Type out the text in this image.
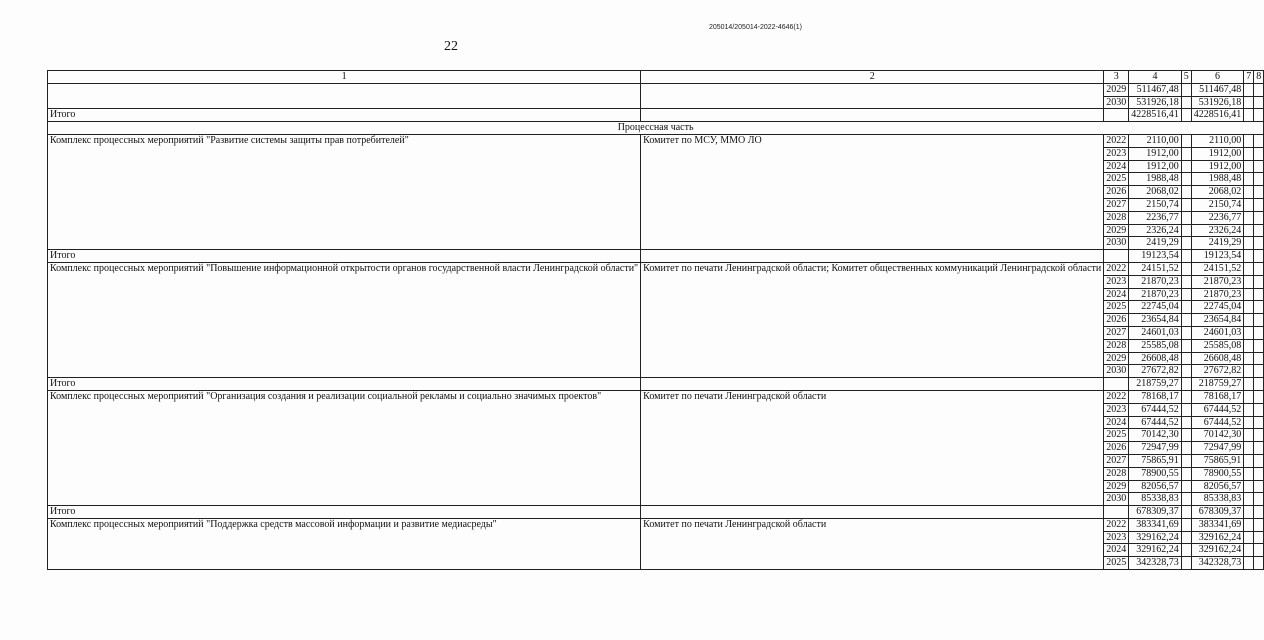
205014/205014-2022-4646(1)
22
1	2	3	4	5	6	7	8
		2029	511467,48		511467,48		
		2030	531926,18		531926,18		
Итого			4228516,41		4228516,41		
Процессная часть							
Комплекс процессных мероприятий "Развитие системы защиты прав потребителей"	Комитет по МСУ, ММО ЛО	2022	2110,00		2110,00		
		2023	1912,00		1912,00		
		2024	1912,00		1912,00		
		2025	1988,48		1988,48		
		2026	2068,02		2068,02		
		2027	2150,74		2150,74		
		2028	2236,77		2236,77		
		2029	2326,24		2326,24		
		2030	2419,29		2419,29		
Итого			19123,54		19123,54		
Комплекс процессных мероприятий "Повышение информационной открытости органов государственной власти Ленинградской области"	Комитет по печати Ленинградской области; Комитет общественных коммуникаций Ленинградской области	2022	24151,52		24151,52		
		2023	21870,23		21870,23		
		2024	21870,23		21870,23		
		2025	22745,04		22745,04		
		2026	23654,84		23654,84		
		2027	24601,03		24601,03		
		2028	25585,08		25585,08		
		2029	26608,48		26608,48		
		2030	27672,82		27672,82		
Итого			218759,27		218759,27		
Комплекс процессных мероприятий "Организация создания и реализации социальной рекламы и социально значимых проектов"	Комитет по печати Ленинградской области	2022	78168,17		78168,17		
		2023	67444,52		67444,52		
		2024	67444,52		67444,52		
		2025	70142,30		70142,30		
		2026	72947,99		72947,99		
		2027	75865,91		75865,91		
		2028	78900,55		78900,55		
		2029	82056,57		82056,57		
		2030	85338,83		85338,83		
Итого			678309,37		678309,37		
Комплекс процессных мероприятий "Поддержка средств массовой информации и развитие медиасреды"	Комитет по печати Ленинградской области	2022	383341,69		383341,69		
		2023	329162,24		329162,24		
		2024	329162,24		329162,24		
		2025	342328,73		342328,73		
